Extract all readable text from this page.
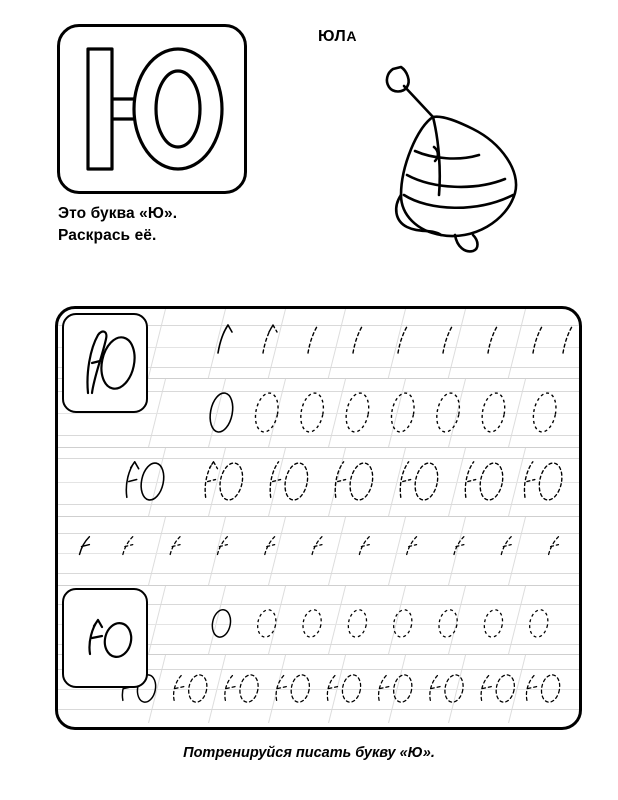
Это буква «Ю».
Раскрась её.
ЮЛА
Потренируйся писать букву «Ю».
